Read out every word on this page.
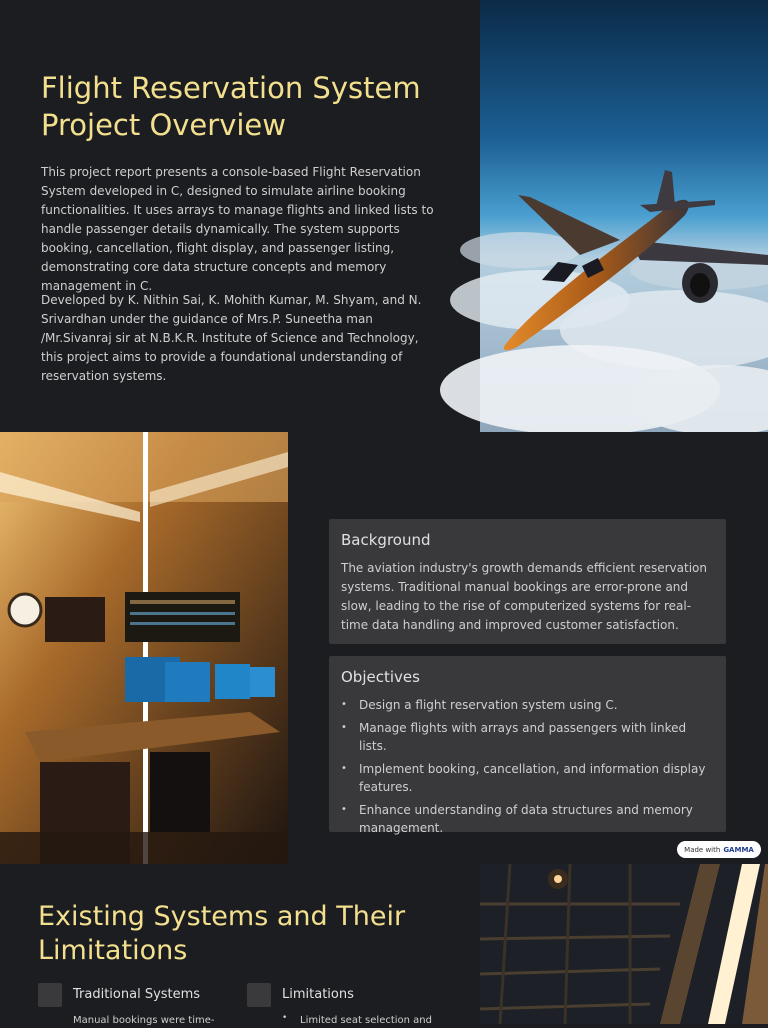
Flight Reservation System Project Overview

This project report presents a console-based Flight Reservation System developed in C, designed to simulate airline booking functionalities. It uses arrays to manage flights and linked lists to handle passenger details dynamically. The system supports booking, cancellation, flight display, and passenger listing, demonstrating core data structure concepts and memory management in C.

Developed by K. Nithin Sai, K. Mohith Kumar, M. Shyam, and N. Srivardhan under the guidance of Mrs.P. Suneetha man /Mr.Sivanraj sir at N.B.K.R. Institute of Science and Technology, this project aims to provide a foundational understanding of reservation systems.

Background

The aviation industry's growth demands efficient reservation systems. Traditional manual bookings are error-prone and slow, leading to the rise of computerized systems for real-time data handling and improved customer satisfaction.

Objectives
• Design a flight reservation system using C.
• Manage flights with arrays and passengers with linked lists.
• Implement booking, cancellation, and information display features.
• Enhance understanding of data structures and memory management.
Made with GAMMA
Existing Systems and Their Limitations
Traditional Systems
Manual bookings were time-
Limitations
• Limited seat selection and
